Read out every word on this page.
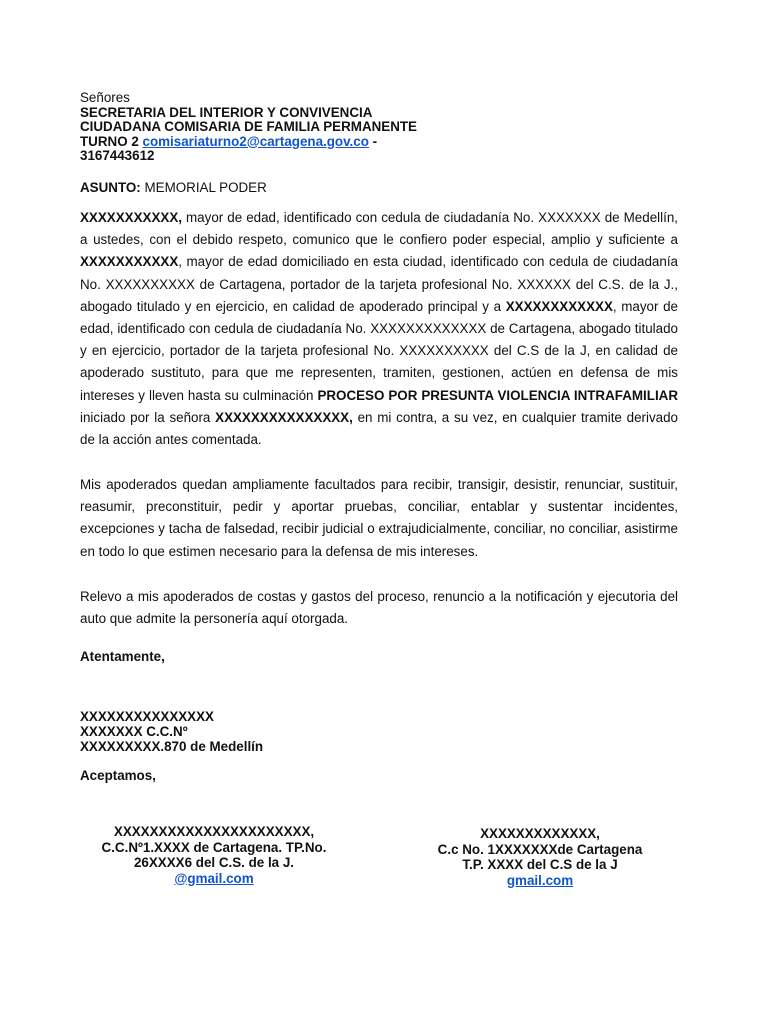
Señores
SECRETARIA DEL INTERIOR Y CONVIVENCIA
CIUDADANA COMISARIA DE FAMILIA PERMANENTE
TURNO 2 comisariaturno2@cartagena.gov.co -
3167443612
ASUNTO: MEMORIAL PODER

XXXXXXXXXXX, mayor de edad, identificado con cedula de ciudadanía No. XXXXXXX de Medellín, a ustedes, con el debido respeto, comunico que le confiero poder especial, amplio y suficiente a XXXXXXXXXXX, mayor de edad domiciliado en esta ciudad, identificado con cedula de ciudadanía No. XXXXXXXXXX de Cartagena, portador de la tarjeta profesional No. XXXXXX del C.S. de la J., abogado titulado y en ejercicio, en calidad de apoderado principal y a XXXXXXXXXXXX, mayor de edad, identificado con cedula de ciudadanía No. XXXXXXXXXXXXX de Cartagena, abogado titulado y en ejercicio, portador de la tarjeta profesional No. XXXXXXXXXX del C.S de la J, en calidad de apoderado sustituto, para que me representen, tramiten, gestionen, actúen en defensa de mis intereses y lleven hasta su culminación PROCESO POR PRESUNTA VIOLENCIA INTRAFAMILIAR iniciado por la señora XXXXXXXXXXXXXXX, en mi contra, a su vez, en cualquier tramite derivado de la acción antes comentada.

Mis apoderados quedan ampliamente facultados para recibir, transigir, desistir, renunciar, sustituir, reasumir, preconstituir, pedir y aportar pruebas, conciliar, entablar y sustentar incidentes, excepciones y tacha de falsedad, recibir judicial o extrajudicialmente, conciliar, no conciliar, asistirme en todo lo que estimen necesario para la defensa de mis intereses.

Relevo a mis apoderados de costas y gastos del proceso, renuncio a la notificación y ejecutoria del auto que admite la personería aquí otorgada.

Atentamente,
XXXXXXXXXXXXXXX
XXXXXXX C.C.Nº
XXXXXXXXX.870 de Medellín
Aceptamos,
XXXXXXXXXXXXXXXXXXXXXX,
C.C.Nº1.XXXX de Cartagena. TP.No.
26XXXX6 del C.S. de la J.
@gmail.com
XXXXXXXXXXXXX,
C.c No. 1XXXXXXXde Cartagena
T.P. XXXX del C.S de la J
gmail.com
